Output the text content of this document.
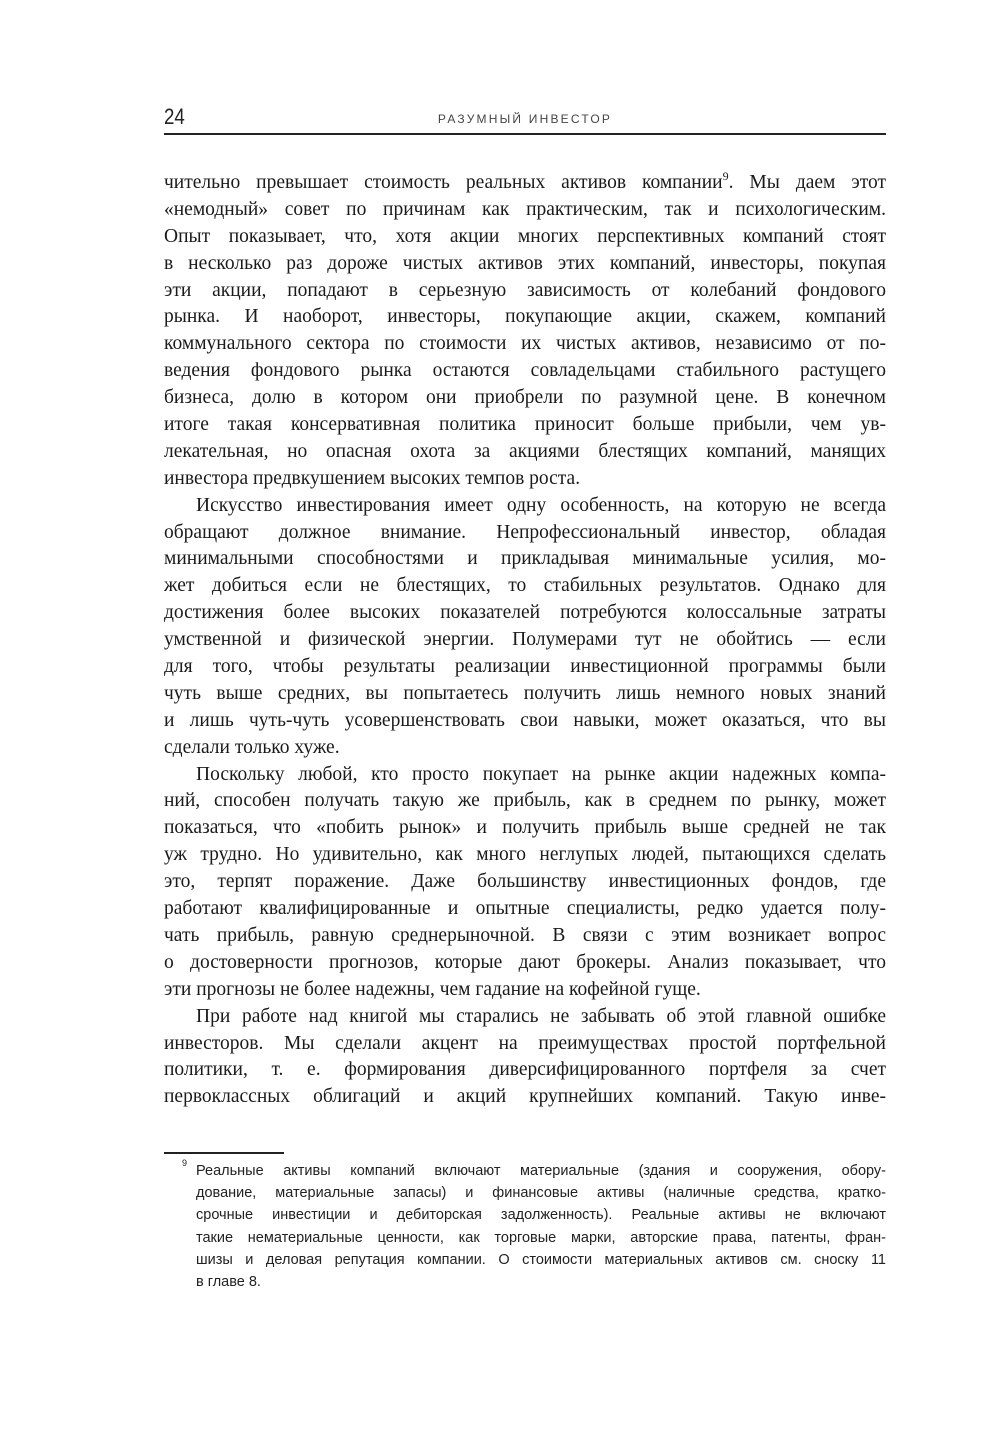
24	РАЗУМНЫЙ ИНВЕСТОР
чительно превышает стоимость реальных активов компании$^9$. Мы даем этот
«немодный» совет по причинам как практическим, так и психологическим.
Опыт показывает, что, хотя акции многих перспективных компаний стоят
в несколько раз дороже чистых активов этих компаний, инвесторы, покупая
эти акции, попадают в серьезную зависимость от колебаний фондового
рынка. И наоборот, инвесторы, покупающие акции, скажем, компаний
коммунального сектора по стоимости их чистых активов, независимо от по-
ведения фондового рынка остаются совладельцами стабильного растущего
бизнеса, долю в котором они приобрели по разумной цене. В конечном
итоге такая консервативная политика приносит больше прибыли, чем ув-
лекательная, но опасная охота за акциями блестящих компаний, манящих
инвестора предвкушением высоких темпов роста.
Искусство инвестирования имеет одну особенность, на которую не всегда
обращают должное внимание. Непрофессиональный инвестор, обладая
минимальными способностями и прикладывая минимальные усилия, мо-
жет добиться если не блестящих, то стабильных результатов. Однако для
достижения более высоких показателей потребуются колоссальные затраты
умственной и физической энергии. Полумерами тут не обойтись — если
для того, чтобы результаты реализации инвестиционной программы были
чуть выше средних, вы попытаетесь получить лишь немного новых знаний
и лишь чуть-чуть усовершенствовать свои навыки, может оказаться, что вы
сделали только хуже.
Поскольку любой, кто просто покупает на рынке акции надежных компа-
ний, способен получать такую же прибыль, как в среднем по рынку, может
показаться, что «побить рынок» и получить прибыль выше средней не так
уж трудно. Но удивительно, как много неглупых людей, пытающихся сделать
это, терпят поражение. Даже большинству инвестиционных фондов, где
работают квалифицированные и опытные специалисты, редко удается полу-
чать прибыль, равную среднерыночной. В связи с этим возникает вопрос
о достоверности прогнозов, которые дают брокеры. Анализ показывает, что
эти прогнозы не более надежны, чем гадание на кофейной гуще.
При работе над книгой мы старались не забывать об этой главной ошибке
инвесторов. Мы сделали акцент на преимуществах простой портфельной
политики, т. е. формирования диверсифицированного портфеля за счет
первоклассных облигаций и акций крупнейших компаний. Такую инве-
9 Реальные активы компаний включают материальные (здания и сооружения, обору-
дование, материальные запасы) и финансовые активы (наличные средства, кратко-
срочные инвестиции и дебиторская задолженность). Реальные активы не включают
такие нематериальные ценности, как торговые марки, авторские права, патенты, фран-
шизы и деловая репутация компании. О стоимости материальных активов см. сноску 11
в главе 8.
